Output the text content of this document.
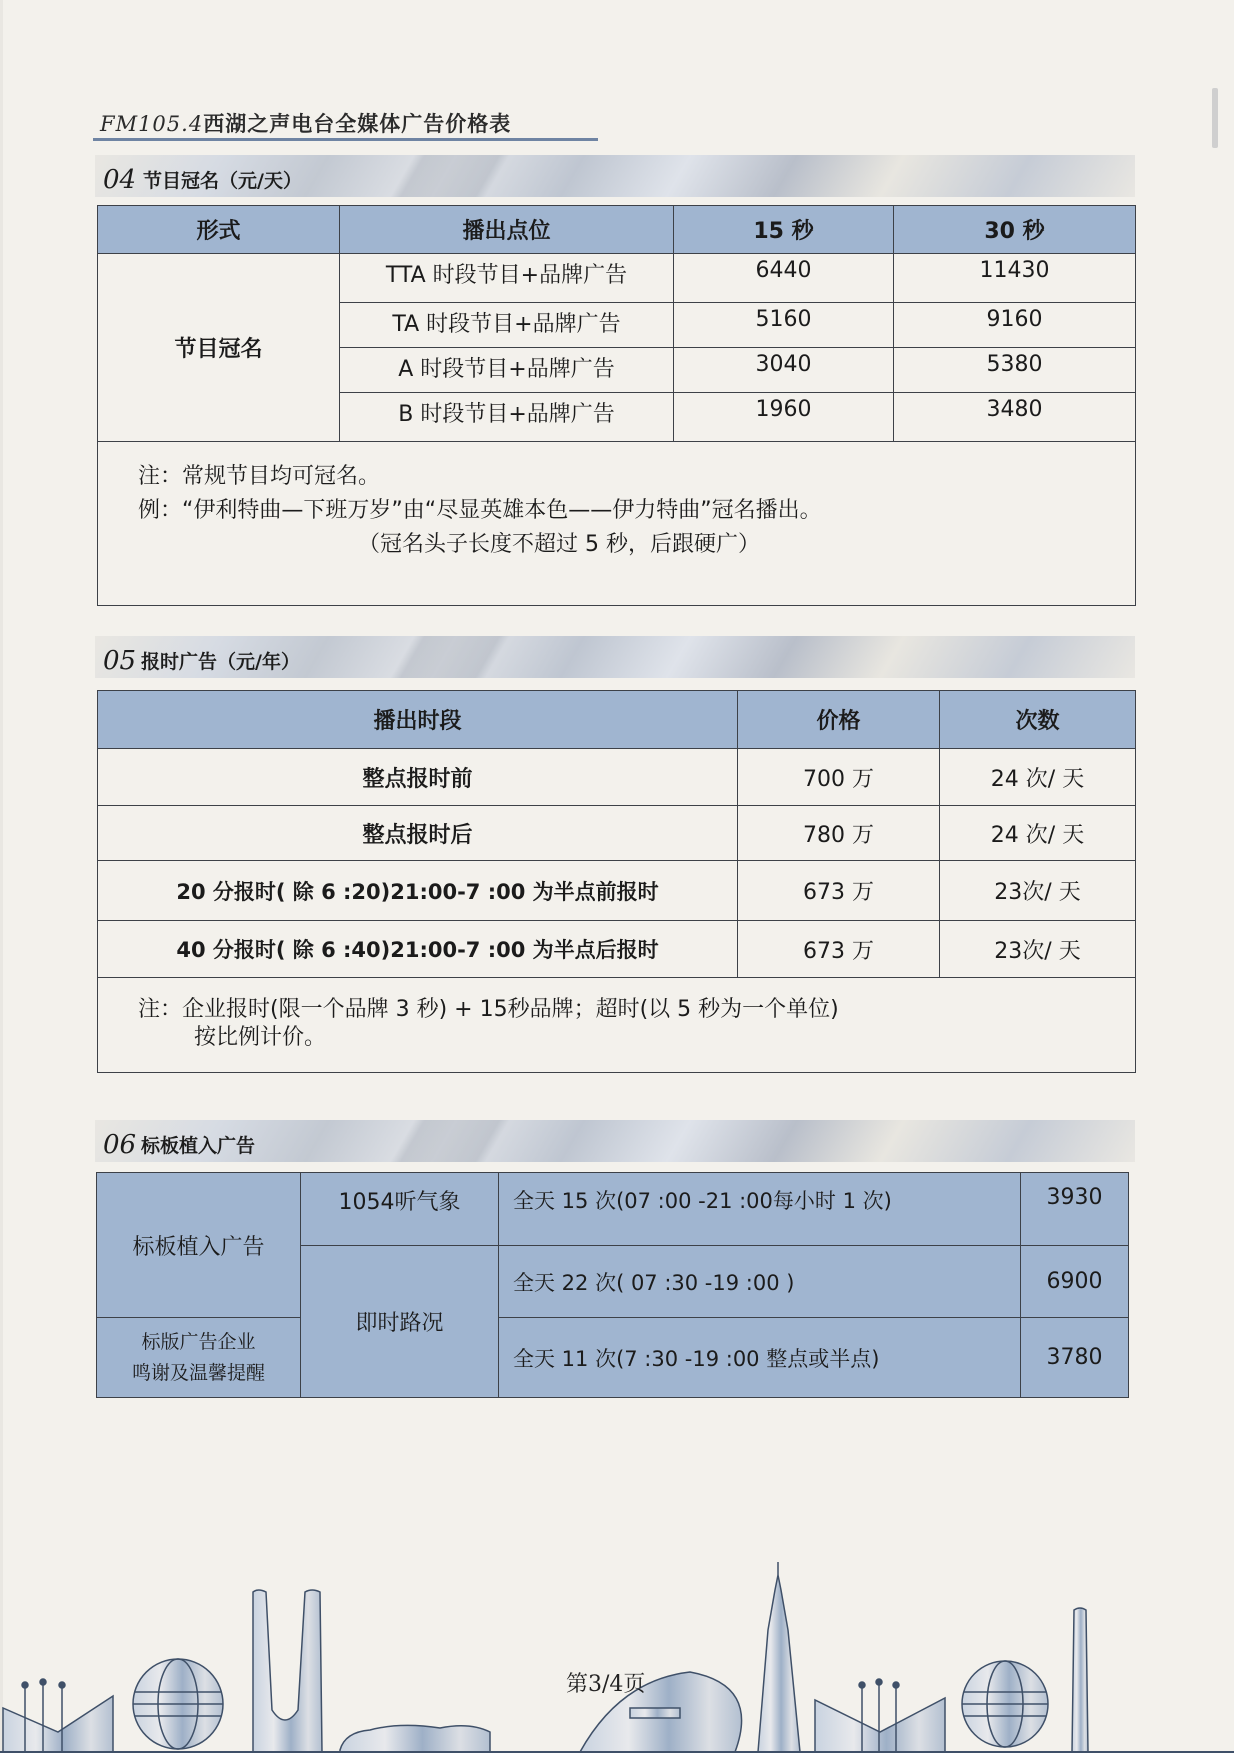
FM105.4西湖之声电台全媒体广告价格表
04 节目冠名（元/天）
形式	播出点位	15 秒	30 秒
节目冠名	TTA 时段节目+品牌广告	6440	11430
	TA 时段节目+品牌广告	5160	9160
	A 时段节目+品牌广告	3040	5380
	B 时段节目+品牌广告	1960	3480

注：常规节目均可冠名。
例：“伊利特曲—下班万岁”由“尽显英雄本色——伊力特曲”冠名播出。
（冠名头子长度不超过 5 秒，后跟硬广）			
05 报时广告（元/年）
播出时段	价格	次数
整点报时前	700 万	24 次/ 天
整点报时后	780 万	24 次/ 天
20 分报时( 除 6 :20)21:00-7 :00 为半点前报时	673 万	23次/ 天
40 分报时( 除 6 :40)21:00-7 :00 为半点后报时	673 万	23次/ 天

注：企业报时(限一个品牌 3 秒) + 15秒品牌；超时(以 5 秒为一个单位)
按比例计价。		
06 标板植入广告
标板植入广告	1054听气象	全天 15 次(07 :00 -21 :00每小时 1 次)	3930
	即时路况	全天 22 次( 07 :30 -19 :00 )	6900

标版广告企业
鸣谢及温馨提醒		全天 11 次(7 :30 -19 :00 整点或半点)	3780
第3/4页
